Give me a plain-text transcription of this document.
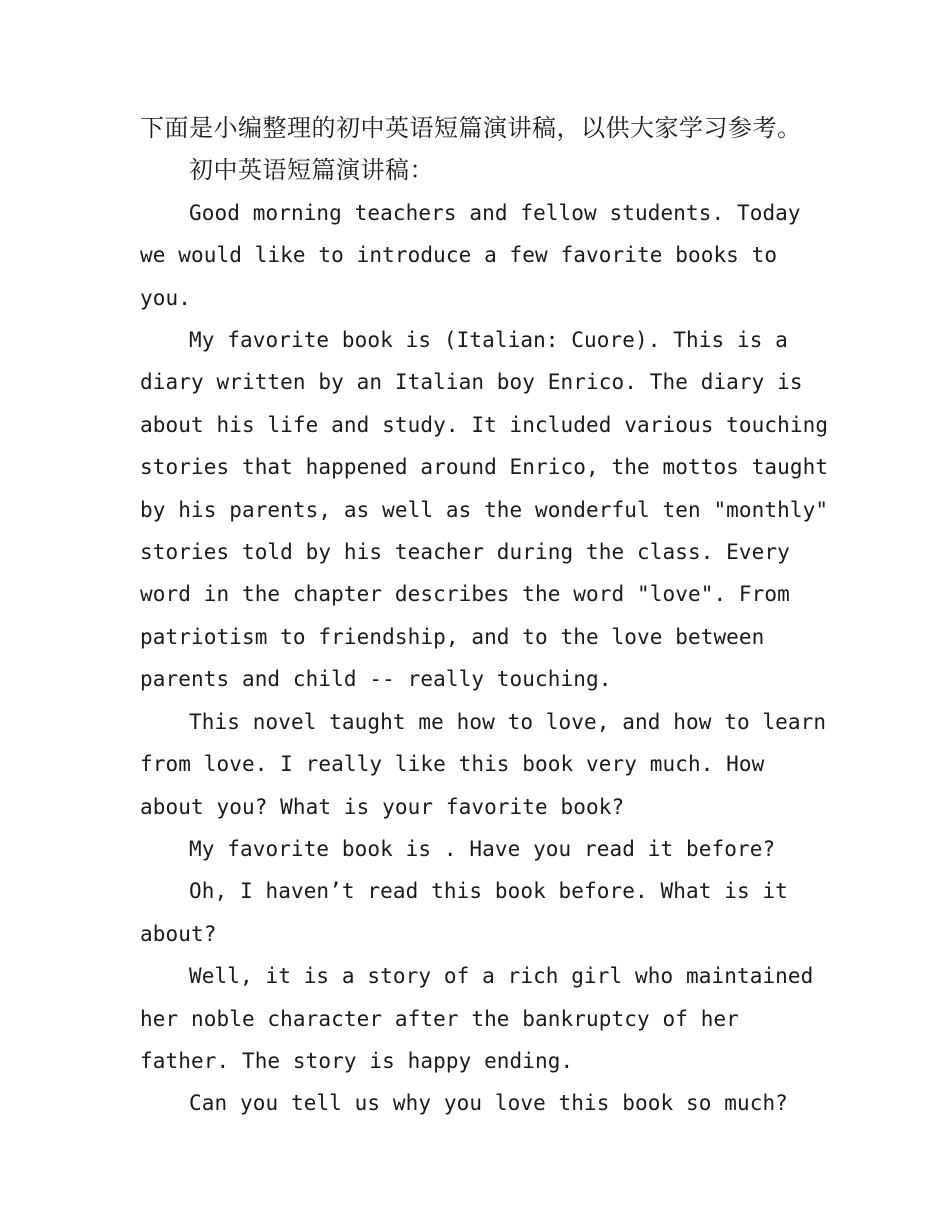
下面是小编整理的初中英语短篇演讲稿，以供大家学习参考。

初中英语短篇演讲稿：

Good morning teachers and fellow students. Today we would like to introduce a few favorite books to you.

My favorite book is (Italian: Cuore). This is a diary written by an Italian boy Enrico. The diary is about his life and study. It included various touching stories that happened around Enrico, the mottos taught by his parents, as well as the wonderful ten "monthly" stories told by his teacher during the class. Every word in the chapter describes the word "love". From patriotism to friendship, and to the love between parents and child -- really touching.

This novel taught me how to love, and how to learn from love. I really like this book very much. How about you? What is your favorite book?

My favorite book is . Have you read it before?

Oh, I haven’t read this book before. What is it about?

Well, it is a story of a rich girl who maintained her noble character after the bankruptcy of her father. The story is happy ending.

Can you tell us why you love this book so much?
